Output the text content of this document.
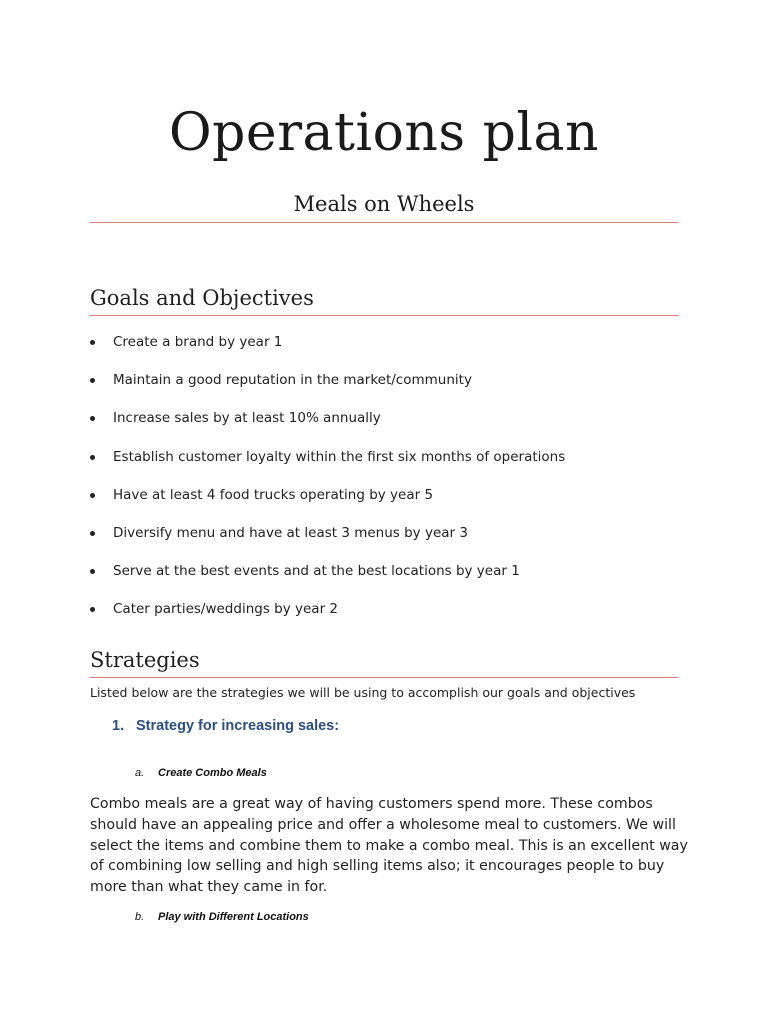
Operations plan
Meals on Wheels
Goals and Objectives
Create a brand by year 1
Maintain a good reputation in the market/community
Increase sales by at least 10% annually
Establish customer loyalty within the first six months of operations
Have at least 4 food trucks operating by year 5
Diversify menu and have at least 3 menus by year 3
Serve at the best events and at the best locations by year 1
Cater parties/weddings by year 2
Strategies
Listed below are the strategies we will be using to accomplish our goals and objectives
1. Strategy for increasing sales:
a. Create Combo Meals
Combo meals are a great way of having customers spend more. These combos should have an appealing price and offer a wholesome meal to customers. We will select the items and combine them to make a combo meal. This is an excellent way of combining low selling and high selling items also; it encourages people to buy more than what they came in for.
b. Play with Different Locations
